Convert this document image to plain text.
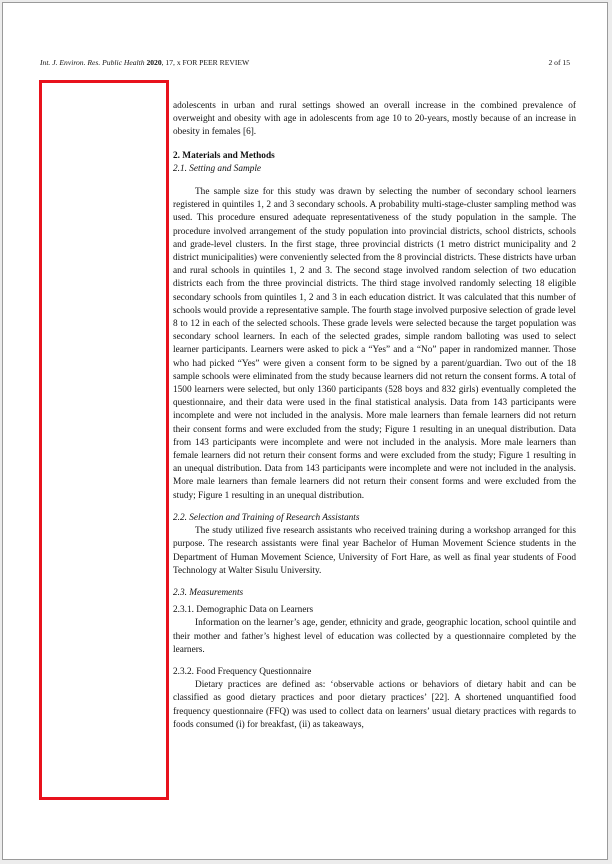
Int. J. Environ. Res. Public Health 2020, 17, x FOR PEER REVIEW	2 of 15

adolescents in urban and rural settings showed an overall increase in the combined prevalence of overweight and obesity with age in adolescents from age 10 to 20-years, mostly because of an increase in obesity in females [6].

2. Materials and Methods
2.1. Setting and Sample

The sample size for this study was drawn by selecting the number of secondary school learners registered in quintiles 1, 2 and 3 secondary schools. A probability multi-stage-cluster sampling method was used. This procedure ensured adequate representativeness of the study population in the sample. The procedure involved arrangement of the study population into provincial districts, school districts, schools and grade-level clusters. In the first stage, three provincial districts (1 metro district municipality and 2 district municipalities) were conveniently selected from the 8 provincial districts. These districts have urban and rural schools in quintiles 1, 2 and 3. The second stage involved random selection of two education districts each from the three provincial districts. The third stage involved randomly selecting 18 eligible secondary schools from quintiles 1, 2 and 3 in each education district. It was calculated that this number of schools would provide a representative sample. The fourth stage involved purposive selection of grade level 8 to 12 in each of the selected schools. These grade levels were selected because the target population was secondary school learners. In each of the selected grades, simple random balloting was used to select learner participants. Learners were asked to pick a “Yes” and a “No” paper in randomized manner. Those who had picked “Yes” were given a consent form to be signed by a parent/guardian. Two out of the 18 sample schools were eliminated from the study because learners did not return the consent forms. A total of 1500 learners were selected, but only 1360 participants (528 boys and 832 girls) eventually completed the questionnaire, and their data were used in the final statistical analysis. Data from 143 participants were incomplete and were not included in the analysis. More male learners than female learners did not return their consent forms and were excluded from the study; Figure 1 resulting in an unequal distribution. Data from 143 participants were incomplete and were not included in the analysis. More male learners than female learners did not return their consent forms and were excluded from the study; Figure 1 resulting in an unequal distribution. Data from 143 participants were incomplete and were not included in the analysis. More male learners than female learners did not return their consent forms and were excluded from the study; Figure 1 resulting in an unequal distribution.

2.2. Selection and Training of Research Assistants

The study utilized five research assistants who received training during a workshop arranged for this purpose. The research assistants were final year Bachelor of Human Movement Science students in the Department of Human Movement Science, University of Fort Hare, as well as final year students of Food Technology at Walter Sisulu University.

2.3. Measurements
2.3.1. Demographic Data on Learners

Information on the learner’s age, gender, ethnicity and grade, geographic location, school quintile and their mother and father’s highest level of education was collected by a questionnaire completed by the learners.

2.3.2. Food Frequency Questionnaire

Dietary practices are defined as: ‘observable actions or behaviors of dietary habit and can be classified as good dietary practices and poor dietary practices’ [22]. A shortened unquantified food frequency questionnaire (FFQ) was used to collect data on learners’ usual dietary practices with regards to foods consumed (i) for breakfast, (ii) as takeaways,
